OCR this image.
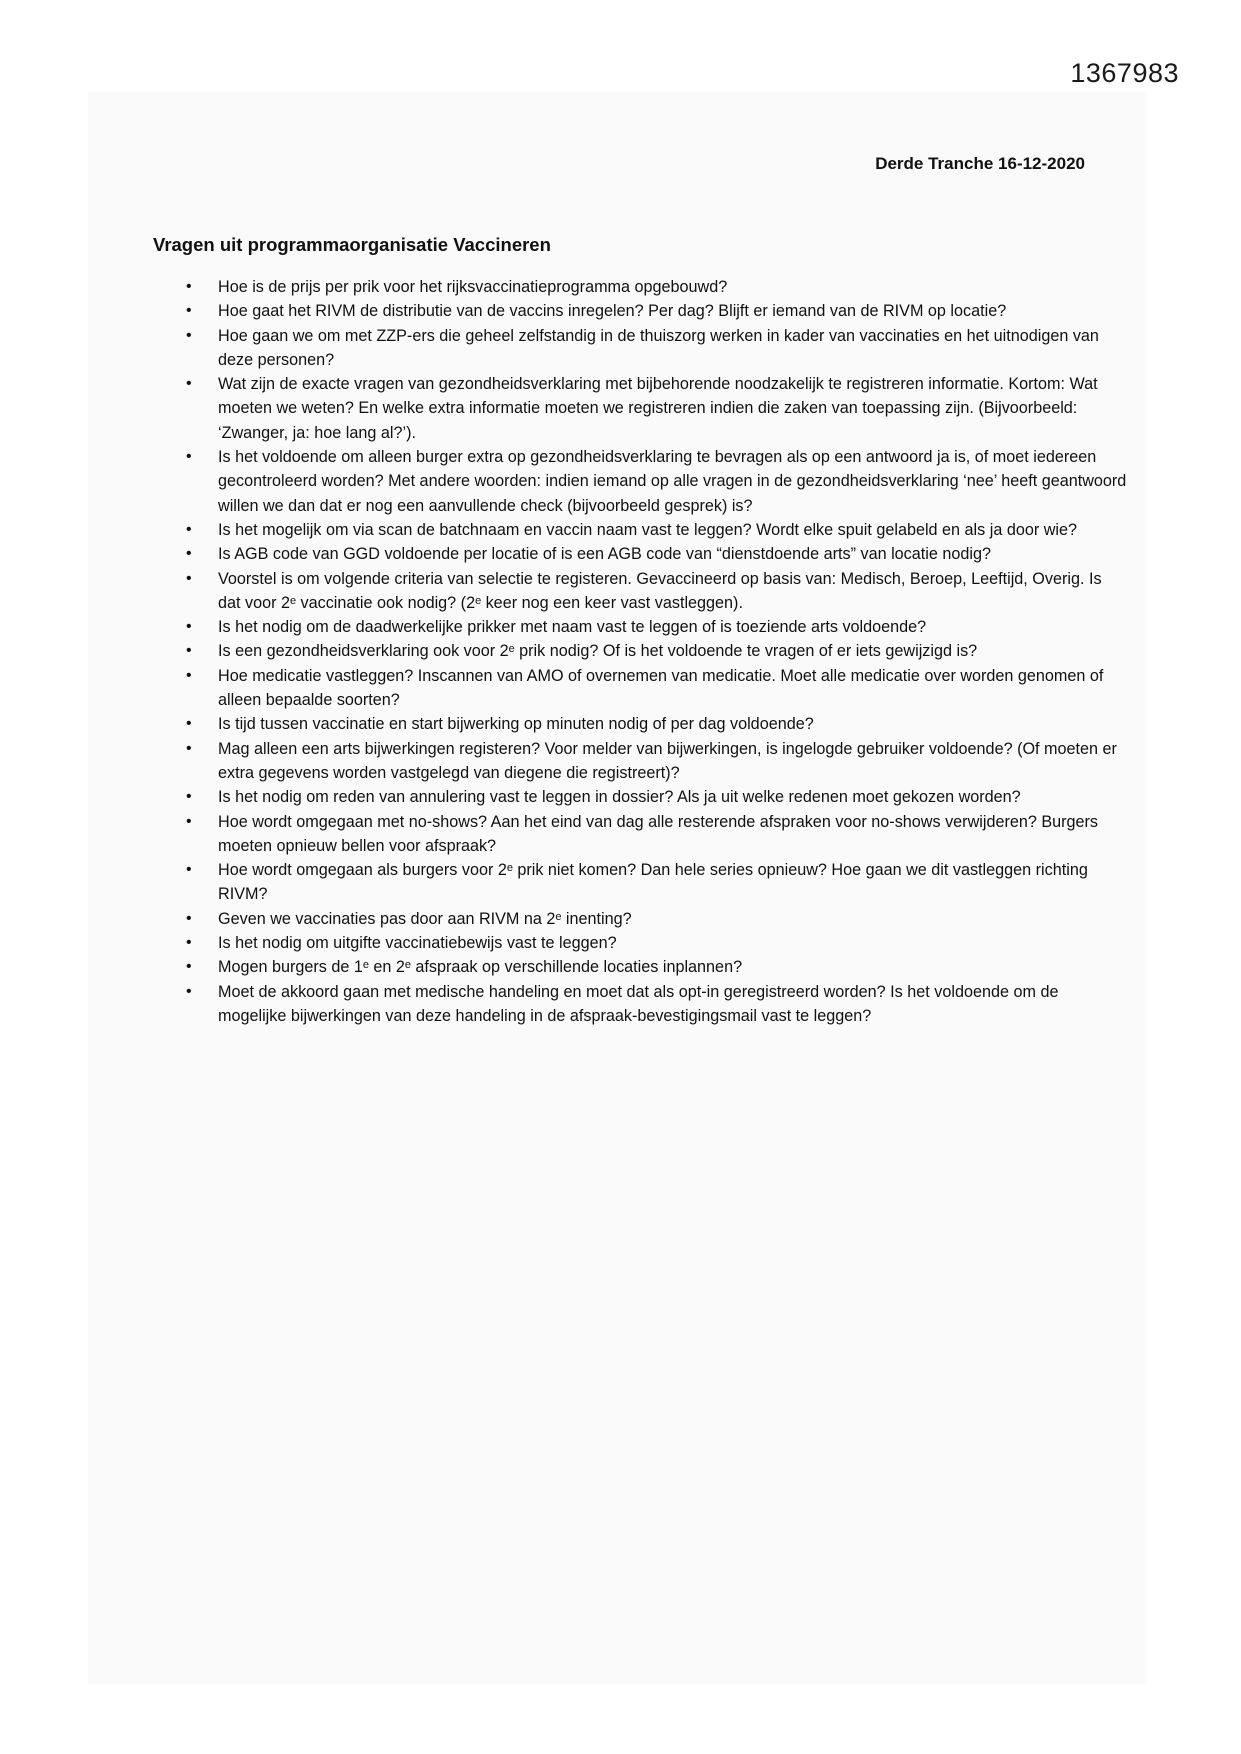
1367983
Derde Tranche 16-12-2020
Vragen uit programmaorganisatie Vaccineren
• Hoe is de prijs per prik voor het rijksvaccinatieprogramma opgebouwd?
• Hoe gaat het RIVM de distributie van de vaccins inregelen? Per dag? Blijft er iemand van de RIVM op locatie?
• Hoe gaan we om met ZZP-ers die geheel zelfstandig in de thuiszorg werken in kader van vaccinaties en het uitnodigen van deze personen?
• Wat zijn de exacte vragen van gezondheidsverklaring met bijbehorende noodzakelijk te registreren informatie. Kortom: Wat moeten we weten? En welke extra informatie moeten we registreren indien die zaken van toepassing zijn. (Bijvoorbeeld: ‘Zwanger, ja: hoe lang al?’).
• Is het voldoende om alleen burger extra op gezondheidsverklaring te bevragen als op een antwoord ja is, of moet iedereen gecontroleerd worden? Met andere woorden: indien iemand op alle vragen in de gezondheidsverklaring ‘nee’ heeft geantwoord willen we dan dat er nog een aanvullende check (bijvoorbeeld gesprek) is?
• Is het mogelijk om via scan de batchnaam en vaccin naam vast te leggen? Wordt elke spuit gelabeld en als ja door wie?
• Is AGB code van GGD voldoende per locatie of is een AGB code van “dienstdoende arts” van locatie nodig?
• Voorstel is om volgende criteria van selectie te registeren. Gevaccineerd op basis van: Medisch, Beroep, Leeftijd, Overig. Is dat voor 2ᵉ vaccinatie ook nodig? (2ᵉ keer nog een keer vast vastleggen).
• Is het nodig om de daadwerkelijke prikker met naam vast te leggen of is toeziende arts voldoende?
• Is een gezondheidsverklaring ook voor 2ᵉ prik nodig? Of is het voldoende te vragen of er iets gewijzigd is?
• Hoe medicatie vastleggen? Inscannen van AMO of overnemen van medicatie. Moet alle medicatie over worden genomen of alleen bepaalde soorten?
• Is tijd tussen vaccinatie en start bijwerking op minuten nodig of per dag voldoende?
• Mag alleen een arts bijwerkingen registeren? Voor melder van bijwerkingen, is ingelogde gebruiker voldoende? (Of moeten er extra gegevens worden vastgelegd van diegene die registreert)?
• Is het nodig om reden van annulering vast te leggen in dossier? Als ja uit welke redenen moet gekozen worden?
• Hoe wordt omgegaan met no-shows? Aan het eind van dag alle resterende afspraken voor no-shows verwijderen? Burgers moeten opnieuw bellen voor afspraak?
• Hoe wordt omgegaan als burgers voor 2ᵉ prik niet komen? Dan hele series opnieuw? Hoe gaan we dit vastleggen richting RIVM?
• Geven we vaccinaties pas door aan RIVM na 2ᵉ inenting?
• Is het nodig om uitgifte vaccinatiebewijs vast te leggen?
• Mogen burgers de 1ᵉ en 2ᵉ afspraak op verschillende locaties inplannen?
• Moet de akkoord gaan met medische handeling en moet dat als opt-in geregistreerd worden? Is het voldoende om de mogelijke bijwerkingen van deze handeling in de afspraak-bevestigingsmail vast te leggen?
